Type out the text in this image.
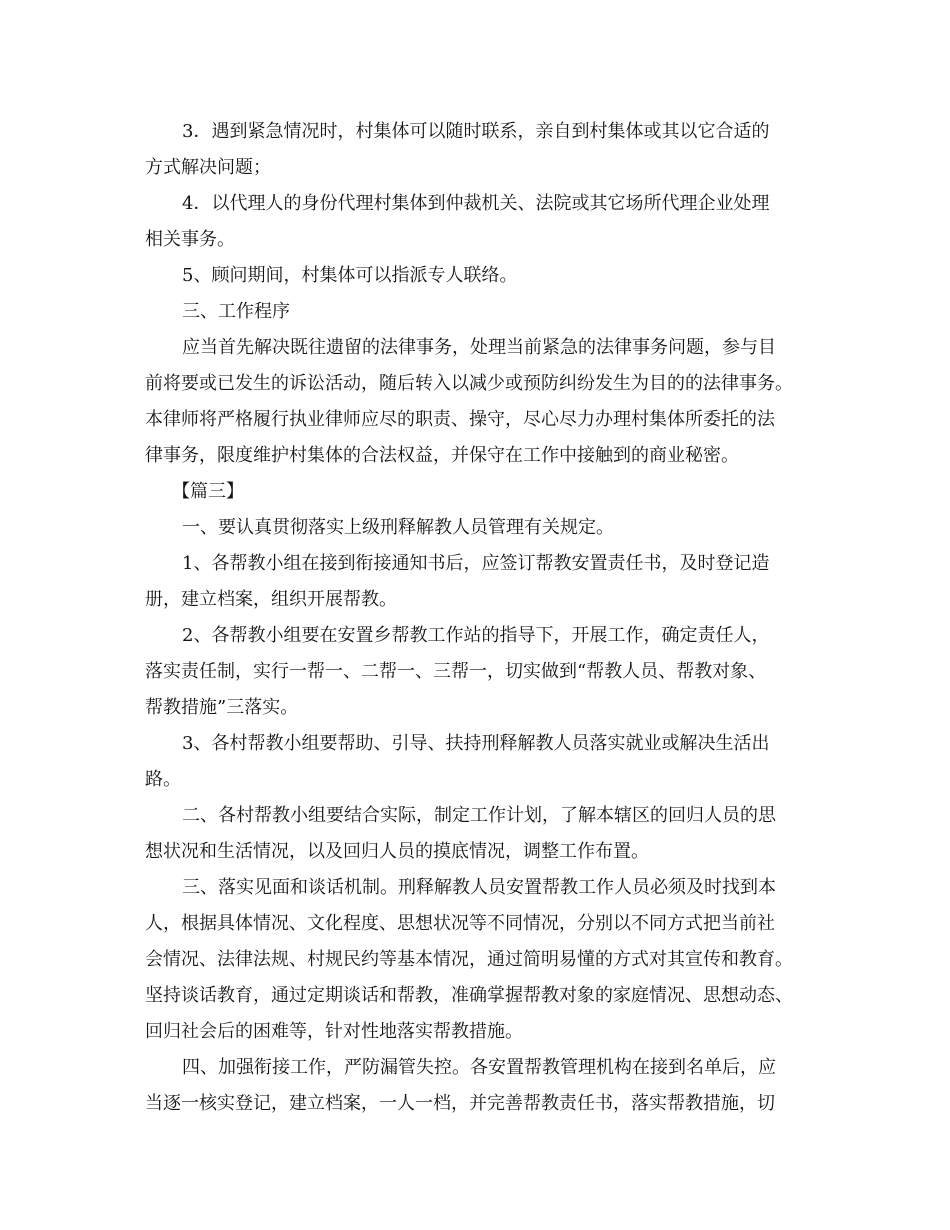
3．遇到紧急情况时，村集体可以随时联系，亲自到村集体或其以它合适的
方式解决问题；
4．以代理人的身份代理村集体到仲裁机关、法院或其它场所代理企业处理
相关事务。
5、顾问期间，村集体可以指派专人联络。
三、工作程序
应当首先解决既往遗留的法律事务，处理当前紧急的法律事务问题，参与目
前将要或已发生的诉讼活动，随后转入以减少或预防纠纷发生为目的的法律事务。
本律师将严格履行执业律师应尽的职责、操守，尽心尽力办理村集体所委托的法
律事务，限度维护村集体的合法权益，并保守在工作中接触到的商业秘密。
【篇三】
一、要认真贯彻落实上级刑释解教人员管理有关规定。
1、各帮教小组在接到衔接通知书后，应签订帮教安置责任书，及时登记造
册，建立档案，组织开展帮教。
2、各帮教小组要在安置乡帮教工作站的指导下，开展工作，确定责任人，
落实责任制，实行一帮一、二帮一、三帮一，切实做到“帮教人员、帮教对象、
帮教措施”三落实。
3、各村帮教小组要帮助、引导、扶持刑释解教人员落实就业或解决生活出
路。
二、各村帮教小组要结合实际，制定工作计划，了解本辖区的回归人员的思
想状况和生活情况，以及回归人员的摸底情况，调整工作布置。
三、落实见面和谈话机制。刑释解教人员安置帮教工作人员必须及时找到本
人，根据具体情况、文化程度、思想状况等不同情况，分别以不同方式把当前社
会情况、法律法规、村规民约等基本情况，通过简明易懂的方式对其宣传和教育。
坚持谈话教育，通过定期谈话和帮教，准确掌握帮教对象的家庭情况、思想动态、
回归社会后的困难等，针对性地落实帮教措施。
四、加强衔接工作，严防漏管失控。各安置帮教管理机构在接到名单后，应
当逐一核实登记，建立档案，一人一档，并完善帮教责任书，落实帮教措施，切
